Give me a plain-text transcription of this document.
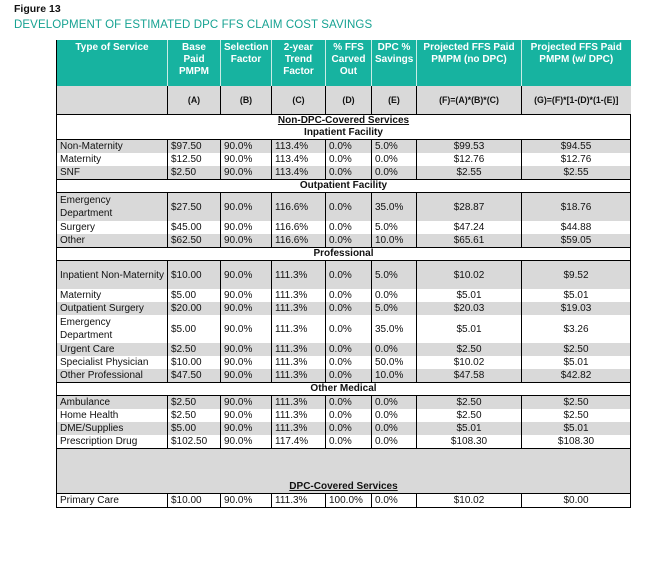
Figure 13
DEVELOPMENT OF ESTIMATED DPC FFS CLAIM COST SAVINGS
Type of Service	Base Paid PMPM	Selection Factor	2-year Trend Factor	% FFS Carved Out	DPC % Savings	Projected FFS Paid PMPM (no DPC)	Projected FFS Paid PMPM (w/ DPC)
	(A)	(B)	(C)	(D)	(E)	(F)=(A)*(B)*(C)	(G)=(F)*[1-(D)*(1-(E)]
Non-DPC-Covered Services							
Inpatient Facility							
Non-Maternity	$97.50	90.0%	113.4%	0.0%	5.0%	$99.53	$94.55
Maternity	$12.50	90.0%	113.4%	0.0%	0.0%	$12.76	$12.76
SNF	$2.50	90.0%	113.4%	0.0%	0.0%	$2.55	$2.55
Outpatient Facility							
Emergency Department	$27.50	90.0%	116.6%	0.0%	35.0%	$28.87	$18.76
Surgery	$45.00	90.0%	116.6%	0.0%	5.0%	$47.24	$44.88
Other	$62.50	90.0%	116.6%	0.0%	10.0%	$65.61	$59.05
Professional							
Inpatient Non-Maternity	$10.00	90.0%	111.3%	0.0%	5.0%	$10.02	$9.52
Maternity	$5.00	90.0%	111.3%	0.0%	0.0%	$5.01	$5.01
Outpatient Surgery	$20.00	90.0%	111.3%	0.0%	5.0%	$20.03	$19.03
Emergency Department	$5.00	90.0%	111.3%	0.0%	35.0%	$5.01	$3.26
Urgent Care	$2.50	90.0%	111.3%	0.0%	0.0%	$2.50	$2.50
Specialist Physician	$10.00	90.0%	111.3%	0.0%	50.0%	$10.02	$5.01
Other Professional	$47.50	90.0%	111.3%	0.0%	10.0%	$47.58	$42.82
Other Medical							
Ambulance	$2.50	90.0%	111.3%	0.0%	0.0%	$2.50	$2.50
Home Health	$2.50	90.0%	111.3%	0.0%	0.0%	$2.50	$2.50
DME/Supplies	$5.00	90.0%	111.3%	0.0%	0.0%	$5.01	$5.01
Prescription Drug	$102.50	90.0%	117.4%	0.0%	0.0%	$108.30	$108.30

DPC-Covered Services							
Primary Care	$10.00	90.0%	111.3%	100.0%	0.0%	$10.02	$0.00
